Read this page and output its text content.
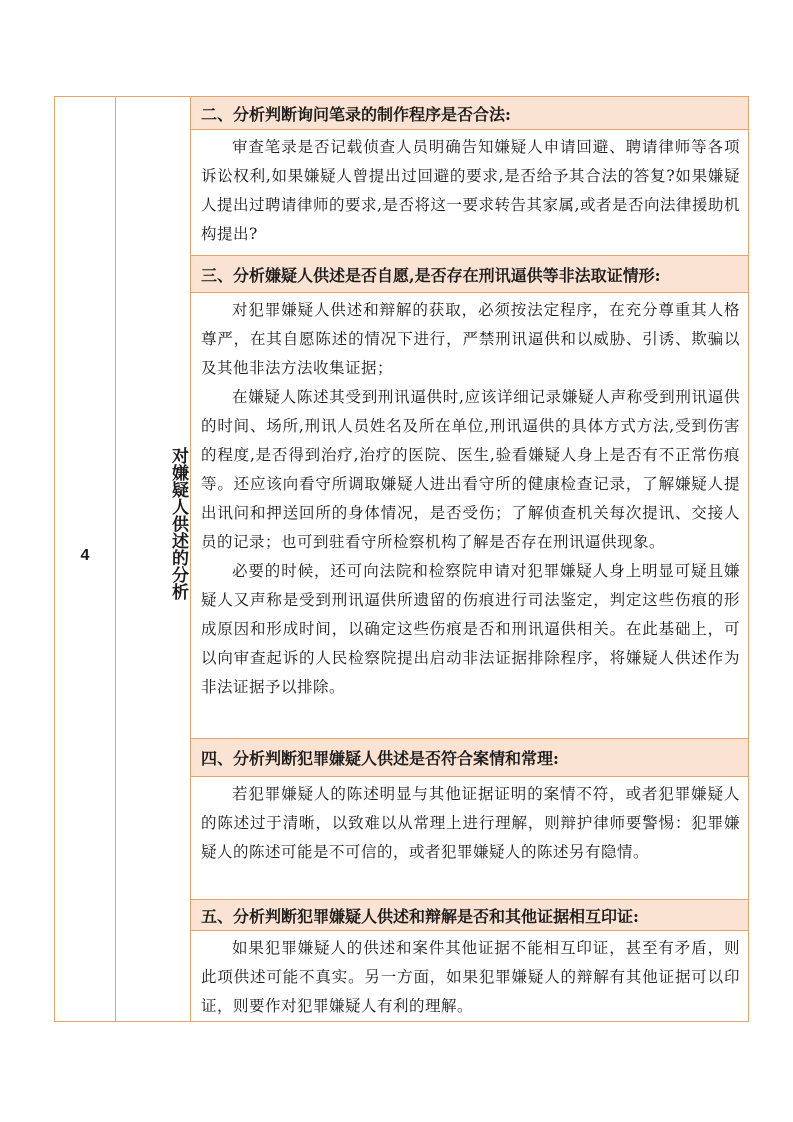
4	对嫌疑人供述的分析
二、分析判断询问笔录的制作程序是否合法:

审查笔录是否记载侦查人员明确告知嫌疑人申请回避、聘请律师等各项诉讼权利,如果嫌疑人曾提出过回避的要求,是否给予其合法的答复?如果嫌疑人提出过聘请律师的要求,是否将这一要求转告其家属,或者是否向法律援助机构提出?

三、分析嫌疑人供述是否自愿,是否存在刑讯逼供等非法取证情形:

对犯罪嫌疑人供述和辩解的获取，必须按法定程序，在充分尊重其人格尊严，在其自愿陈述的情况下进行，严禁刑讯逼供和以威胁、引诱、欺骗以及其他非法方法收集证据；

在嫌疑人陈述其受到刑讯逼供时,应该详细记录嫌疑人声称受到刑讯逼供的时间、场所,刑讯人员姓名及所在单位,刑讯逼供的具体方式方法,受到伤害的程度,是否得到治疗,治疗的医院、医生,验看嫌疑人身上是否有不正常伤痕等。还应该向看守所调取嫌疑人进出看守所的健康检查记录，了解嫌疑人提出讯问和押送回所的身体情况，是否受伤；了解侦查机关每次提讯、交接人员的记录；也可到驻看守所检察机构了解是否存在刑讯逼供现象。

必要的时候，还可向法院和检察院申请对犯罪嫌疑人身上明显可疑且嫌疑人又声称是受到刑讯逼供所遗留的伤痕进行司法鉴定，判定这些伤痕的形成原因和形成时间，以确定这些伤痕是否和刑讯逼供相关。在此基础上，可以向审查起诉的人民检察院提出启动非法证据排除程序，将嫌疑人供述作为非法证据予以排除。

四、分析判断犯罪嫌疑人供述是否符合案情和常理:

若犯罪嫌疑人的陈述明显与其他证据证明的案情不符，或者犯罪嫌疑人的陈述过于清晰，以致难以从常理上进行理解，则辩护律师要警惕：犯罪嫌疑人的陈述可能是不可信的，或者犯罪嫌疑人的陈述另有隐情。

五、分析判断犯罪嫌疑人供述和辩解是否和其他证据相互印证:

如果犯罪嫌疑人的供述和案件其他证据不能相互印证，甚至有矛盾，则此项供述可能不真实。另一方面，如果犯罪嫌疑人的辩解有其他证据可以印证，则要作对犯罪嫌疑人有利的理解。
